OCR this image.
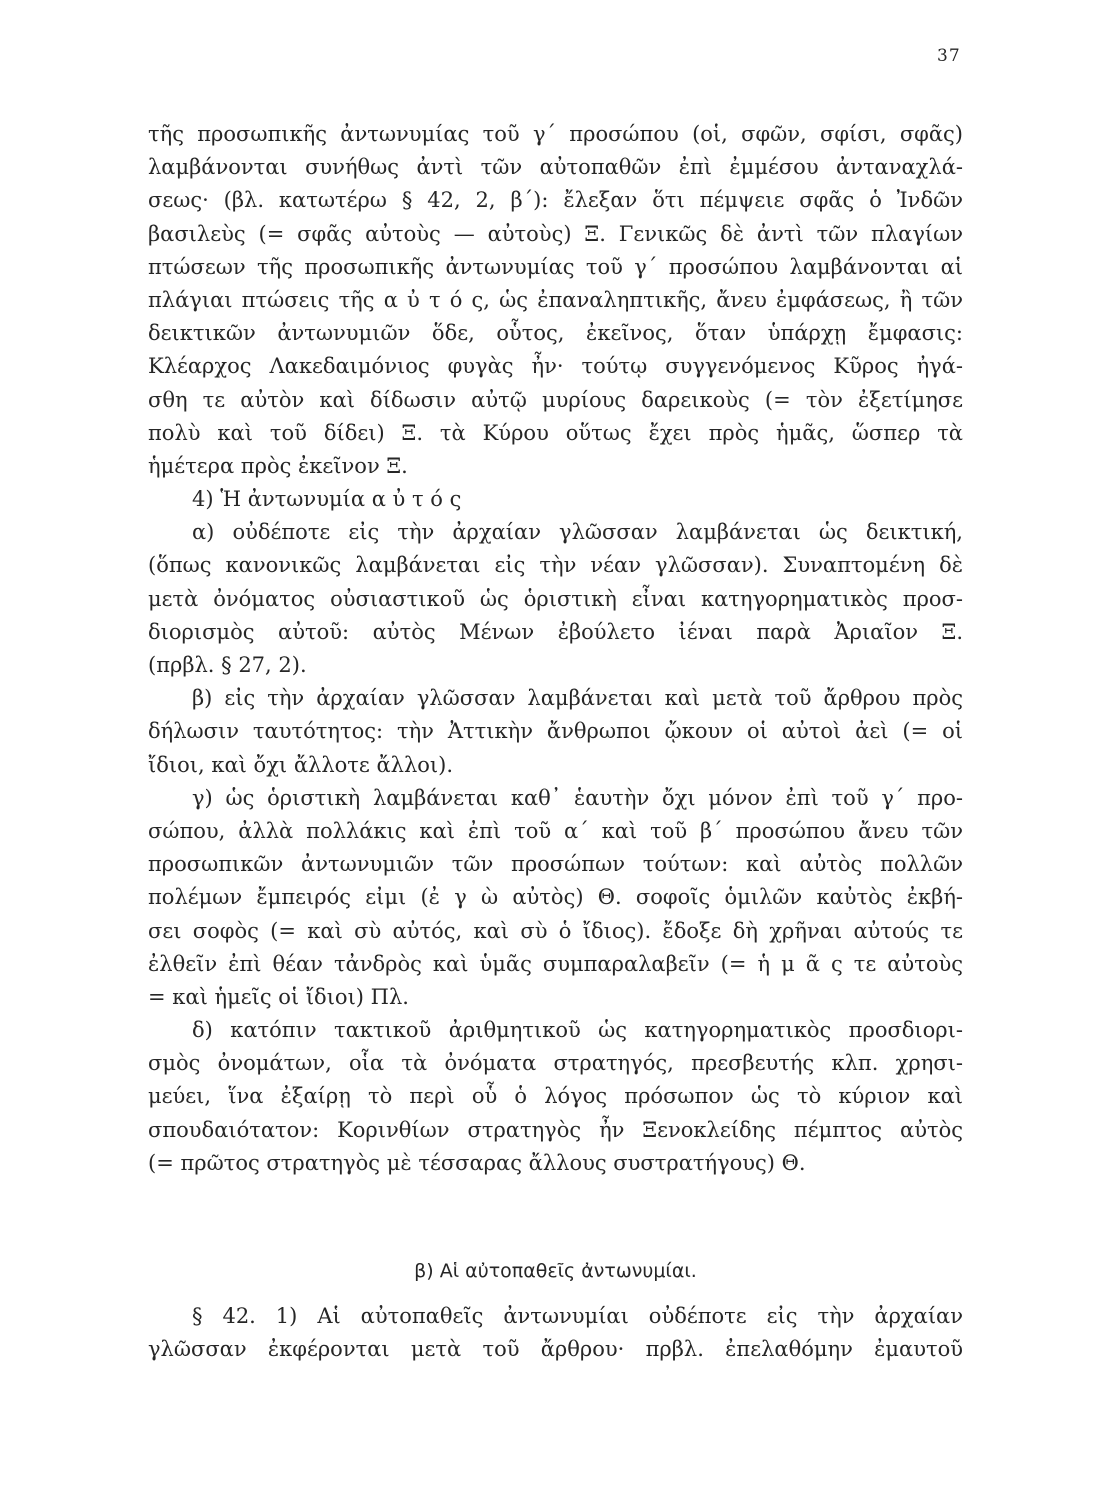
37
τῆς προσωπικῆς ἀντωνυμίας τοῦ γ΄ προσώπου (οἱ, σφῶν, σφίσι, σφᾶς)
λαμβάνονται συνήθως ἀντὶ τῶν αὐτοπαθῶν ἐπὶ ἐμμέσου ἀνταναχλά-
σεως· (βλ. κατωτέρω § 42, 2, β΄): ἔλεξαν ὅτι πέμψειε σφᾶς ὁ Ἰνδῶν
βασιλεὺς (= σφᾶς αὐτοὺς — αὐτοὺς) Ξ. Γενικῶς δὲ ἀντὶ τῶν πλαγίων
πτώσεων τῆς προσωπικῆς ἀντωνυμίας τοῦ γ΄ προσώπου λαμβάνονται αἱ
πλάγιαι πτώσεις τῆς α ὐ τ ό ς, ὡς ἐπαναληπτικῆς, ἄνευ ἐμφάσεως, ἢ τῶν
δεικτικῶν ἀντωνυμιῶν ὅδε, οὗτος, ἐκεῖνος, ὅταν ὑπάρχῃ ἔμφασις:
Κλέαρχος Λακεδαιμόνιος φυγὰς ἦν· τούτῳ συγγενόμενος Κῦρος ἠγά-
σθη τε αὐτὸν καὶ δίδωσιν αὐτῷ μυρίους δαρεικοὺς (= τὸν ἐξετίμησε
πολὺ καὶ τοῦ δίδει) Ξ. τὰ Κύρου οὕτως ἔχει πρὸς ἡμᾶς, ὥσπερ τὰ
ἡμέτερα πρὸς ἐκεῖνον Ξ.
4) Ἡ ἀντωνυμία α ὐ τ ό ς
α) οὐδέποτε εἰς τὴν ἀρχαίαν γλῶσσαν λαμβάνεται ὡς δεικτική,
(ὅπως κανονικῶς λαμβάνεται εἰς τὴν νέαν γλῶσσαν). Συναπτομένη δὲ
μετὰ ὀνόματος οὐσιαστικοῦ ὡς ὁριστικὴ εἶναι κατηγορηματικὸς προσ-
διορισμὸς αὐτοῦ: αὐτὸς Μένων ἐβούλετο ἰέναι παρὰ Ἀριαῖον Ξ.
(πρβλ. § 27, 2).
β) εἰς τὴν ἀρχαίαν γλῶσσαν λαμβάνεται καὶ μετὰ τοῦ ἄρθρου πρὸς
δήλωσιν ταυτότητος: τὴν Ἀττικὴν ἄνθρωποι ᾤκουν οἱ αὐτοὶ ἀεὶ (= οἱ
ἴδιοι, καὶ ὄχι ἄλλοτε ἄλλοι).
γ) ὡς ὁριστικὴ λαμβάνεται καθ᾽ ἑαυτὴν ὄχι μόνον ἐπὶ τοῦ γ΄ προ-
σώπου, ἀλλὰ πολλάκις καὶ ἐπὶ τοῦ α΄ καὶ τοῦ β΄ προσώπου ἄνευ τῶν
προσωπικῶν ἀντωνυμιῶν τῶν προσώπων τούτων: καὶ αὐτὸς πολλῶν
πολέμων ἔμπειρός εἰμι (ἐ γ ὼ αὐτὸς) Θ. σοφοῖς ὁμιλῶν καὐτὸς ἐκβή-
σει σοφὸς (= καὶ σὺ αὐτός, καὶ σὺ ὁ ἴδιος). ἔδοξε δὴ χρῆναι αὐτούς τε
ἐλθεῖν ἐπὶ θέαν τἀνδρὸς καὶ ὑμᾶς συμπαραλαβεῖν (= ἡ μ ᾶ ς τε αὐτοὺς
= καὶ ἡμεῖς οἱ ἴδιοι) Πλ.
δ) κατόπιν τακτικοῦ ἀριθμητικοῦ ὡς κατηγορηματικὸς προσδιορι-
σμὸς ὀνομάτων, οἷα τὰ ὀνόματα στρατηγός, πρεσβευτής κλπ. χρησι-
μεύει, ἵνα ἐξαίρῃ τὸ περὶ οὗ ὁ λόγος πρόσωπον ὡς τὸ κύριον καὶ
σπουδαιότατον: Κορινθίων στρατηγὸς ἦν Ξενοκλείδης πέμπτος αὐτὸς
(= πρῶτος στρατηγὸς μὲ τέσσαρας ἄλλους συστρατήγους) Θ.
β) Αἱ αὐτοπαθεῖς ἀντωνυμίαι.
§ 42. 1) Αἱ αὐτοπαθεῖς ἀντωνυμίαι οὐδέποτε εἰς τὴν ἀρχαίαν
γλῶσσαν ἐκφέρονται μετὰ τοῦ ἄρθρου· πρβλ. ἐπελαθόμην ἐμαυτοῦ
